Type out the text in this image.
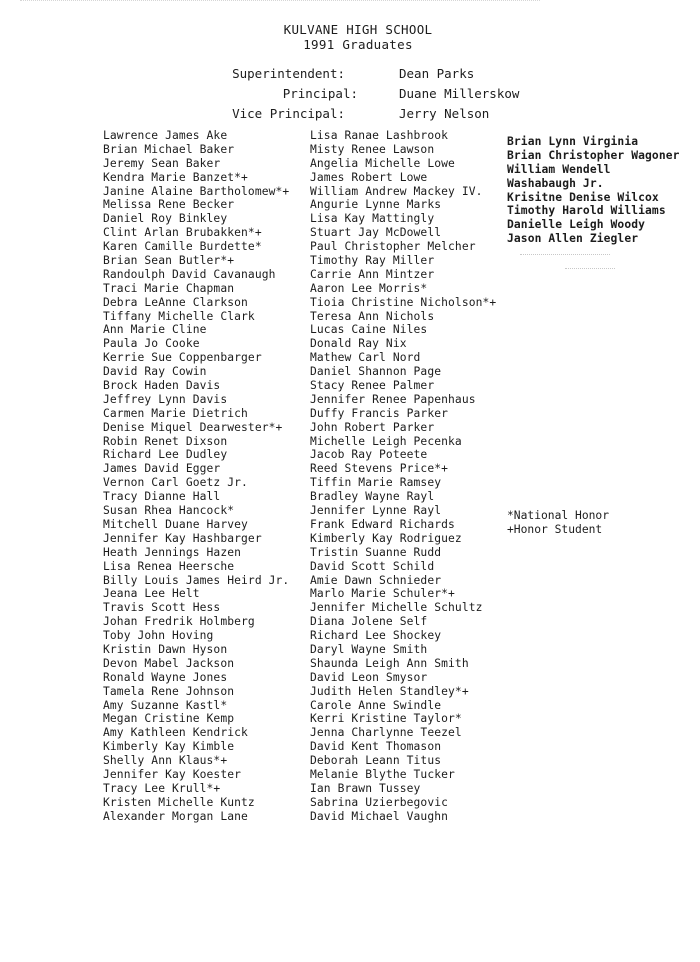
KULVANE HIGH SCHOOL
1991 Graduates
Superintendent:	Dean Parks
Principal:	Duane Millerskow
Vice Principal:	Jerry Nelson
Lawrence James Ake
Brian Michael Baker
Jeremy Sean Baker
Kendra Marie Banzet*+
Janine Alaine Bartholomew*+
Melissa Rene Becker
Daniel Roy Binkley
Clint Arlan Brubakken*+
Karen Camille Burdette*
Brian Sean Butler*+
Randoulph David Cavanaugh
Traci Marie Chapman
Debra LeAnne Clarkson
Tiffany Michelle Clark
Ann Marie Cline
Paula Jo Cooke
Kerrie Sue Coppenbarger
David Ray Cowin
Brock Haden Davis
Jeffrey Lynn Davis
Carmen Marie Dietrich
Denise Miquel Dearwester*+
Robin Renet Dixson
Richard Lee Dudley
James David Egger
Vernon Carl Goetz Jr.
Tracy Dianne Hall
Susan Rhea Hancock*
Mitchell Duane Harvey
Jennifer Kay Hashbarger
Heath Jennings Hazen
Lisa Renea Heersche
Billy Louis James Heird Jr.
Jeana Lee Helt
Travis Scott Hess
Johan Fredrik Holmberg
Toby John Hoving
Kristin Dawn Hyson
Devon Mabel Jackson
Ronald Wayne Jones
Tamela Rene Johnson
Amy Suzanne Kastl*
Megan Cristine Kemp
Amy Kathleen Kendrick
Kimberly Kay Kimble
Shelly Ann Klaus*+
Jennifer Kay Koester
Tracy Lee Krull*+
Kristen Michelle Kuntz
Alexander Morgan Lane
Lisa Ranae Lashbrook
Misty Renee Lawson
Angelia Michelle Lowe
James Robert Lowe
William Andrew Mackey IV.
Angurie Lynne Marks
Lisa Kay Mattingly
Stuart Jay McDowell
Paul Christopher Melcher
Timothy Ray Miller
Carrie Ann Mintzer
Aaron Lee Morris*
Tioia Christine Nicholson*+
Teresa Ann Nichols
Lucas Caine Niles
Donald Ray Nix
Mathew Carl Nord
Daniel Shannon Page
Stacy Renee Palmer
Jennifer Renee Papenhaus
Duffy Francis Parker
John Robert Parker
Michelle Leigh Pecenka
Jacob Ray Poteete
Reed Stevens Price*+
Tiffin Marie Ramsey
Bradley Wayne Rayl
Jennifer Lynne Rayl
Frank Edward Richards
Kimberly Kay Rodriguez
Tristin Suanne Rudd
David Scott Schild
Amie Dawn Schnieder
Marlo Marie Schuler*+
Jennifer Michelle Schultz
Diana Jolene Self
Richard Lee Shockey
Daryl Wayne Smith
Shaunda Leigh Ann Smith
David Leon Smysor
Judith Helen Standley*+
Carole Anne Swindle
Kerri Kristine Taylor*
Jenna Charlynne Teezel
David Kent Thomason
Deborah Leann Titus
Melanie Blythe Tucker
Ian Brawn Tussey
Sabrina Uzierbegovic
David Michael Vaughn
Brian Lynn Virginia
Brian Christopher Wagoner
William Wendell
Washabaugh Jr.
Krisitne Denise Wilcox
Timothy Harold Williams
Danielle Leigh Woody
Jason Allen Ziegler
*National Honor
+Honor Student
